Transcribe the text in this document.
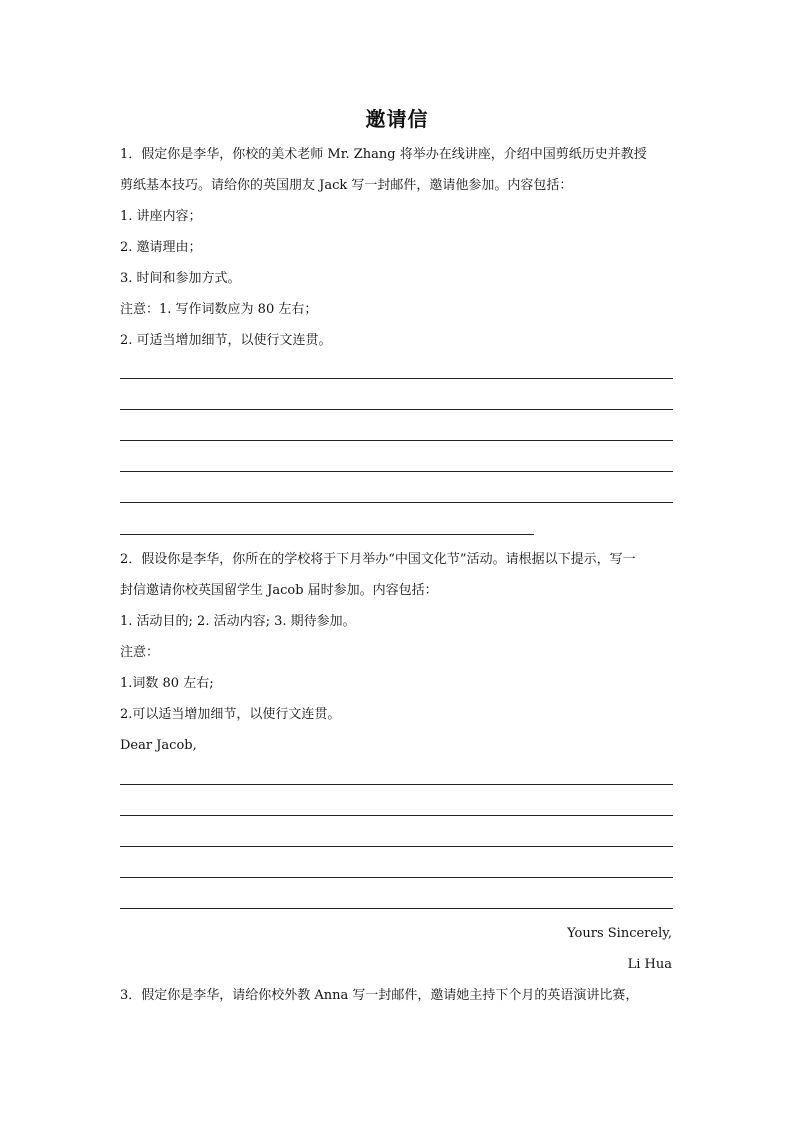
邀请信
1．假定你是李华，你校的美术老师 Mr. Zhang 将举办在线讲座，介绍中国剪纸历史并教授
剪纸基本技巧。请给你的英国朋友 Jack 写一封邮件，邀请他参加。内容包括：
1. 讲座内容；
2. 邀请理由；
3. 时间和参加方式。
注意：1. 写作词数应为 80 左右；
2. 可适当增加细节，以使行文连贯。
2．假设你是李华，你所在的学校将于下月举办“中国文化节”活动。请根据以下提示，写一
封信邀请你校英国留学生 Jacob 届时参加。内容包括：
1. 活动目的; 2. 活动内容; 3. 期待参加。
注意：
1.词数 80 左右;
2.可以适当增加细节，以使行文连贯。
Dear Jacob,
Yours Sincerely,
Li Hua
3．假定你是李华，请给你校外教 Anna 写一封邮件，邀请她主持下个月的英语演讲比赛，
